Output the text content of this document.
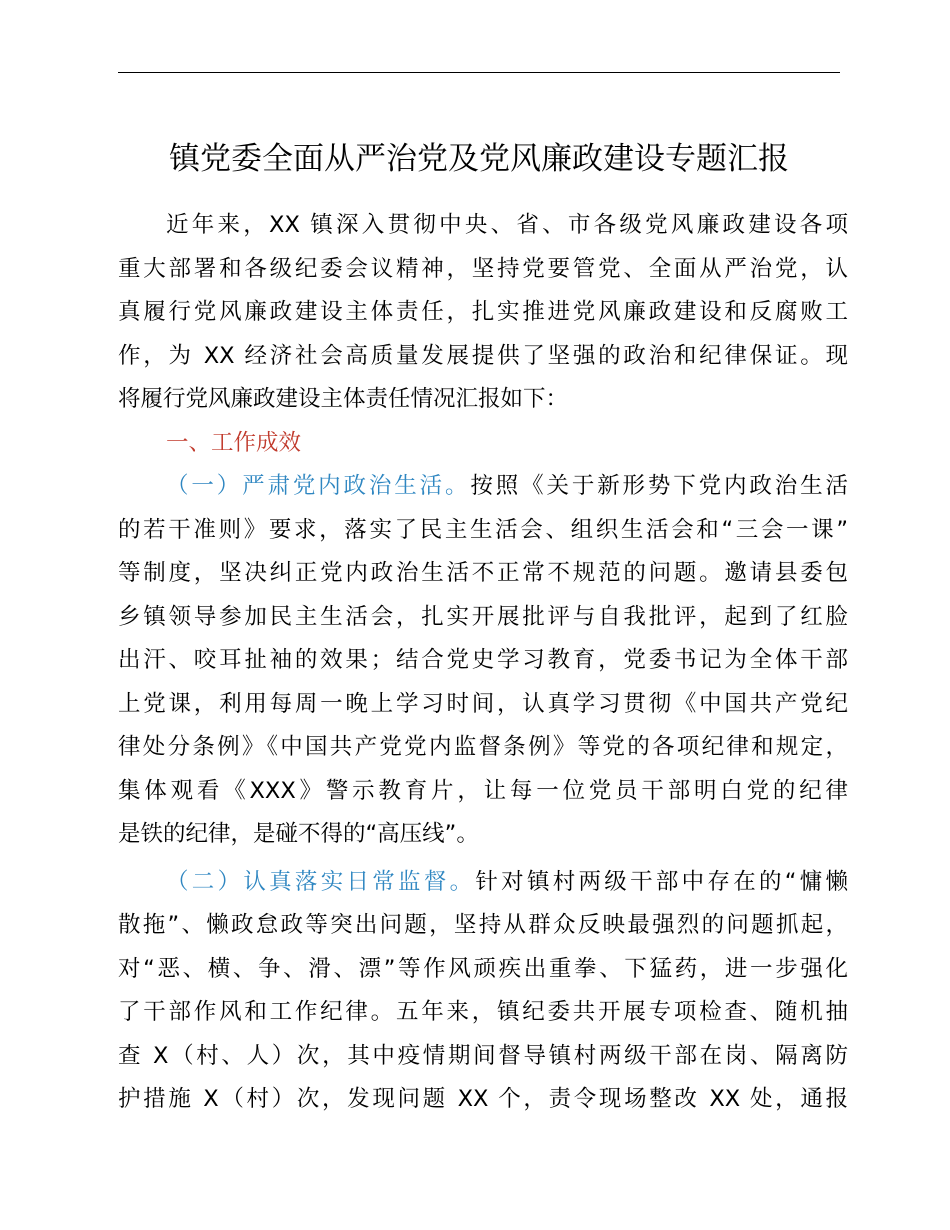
镇党委全面从严治党及党风廉政建设专题汇报

近年来，XX 镇深入贯彻中央、省、市各级党风廉政建设各项
重大部署和各级纪委会议精神，坚持党要管党、全面从严治党，认
真履行党风廉政建设主体责任，扎实推进党风廉政建设和反腐败工
作，为 XX 经济社会高质量发展提供了坚强的政治和纪律保证。现
将履行党风廉政建设主体责任情况汇报如下：

一、工作成效

（一）严肃党内政治生活。按照《关于新形势下党内政治生活
的若干准则》要求，落实了民主生活会、组织生活会和“三会一课”
等制度，坚决纠正党内政治生活不正常不规范的问题。邀请县委包
乡镇领导参加民主生活会，扎实开展批评与自我批评，起到了红脸
出汗、咬耳扯袖的效果；结合党史学习教育，党委书记为全体干部
上党课，利用每周一晚上学习时间，认真学习贯彻《中国共产党纪
律处分条例》《中国共产党党内监督条例》等党的各项纪律和规定，
集体观看《XXX》警示教育片，让每一位党员干部明白党的纪律
是铁的纪律，是碰不得的“高压线”。

（二）认真落实日常监督。针对镇村两级干部中存在的“慵懒
散拖”、懒政怠政等突出问题，坚持从群众反映最强烈的问题抓起，
对“恶、横、争、滑、漂”等作风顽疾出重拳、下猛药，进一步强化
了干部作风和工作纪律。五年来，镇纪委共开展专项检查、随机抽
查 X（村、人）次，其中疫情期间督导镇村两级干部在岗、隔离防
护措施 X（村）次，发现问题 XX 个，责令现场整改 XX 处，通报
